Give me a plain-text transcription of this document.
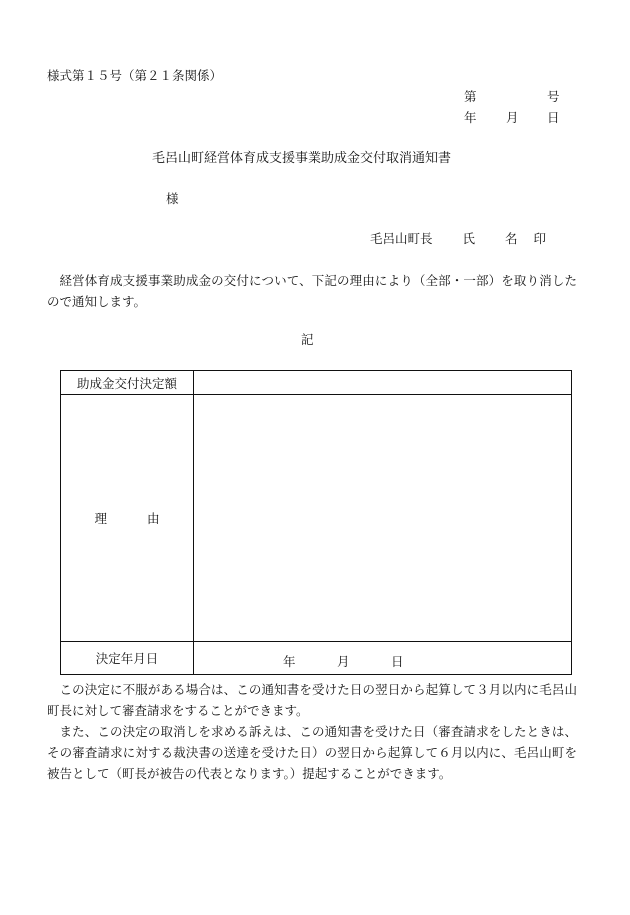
様式第１５号（第２１条関係）
第	号
年 月 日
毛呂山町経営体育成支援事業助成金交付取消通知書
様
毛呂山町長 氏 名 印
経営体育成支援事業助成金の交付について、下記の理由により（全部・一部）を取り消したので通知します。
記
助成金交付決定額	
理 由	
決定年月日	年 月 日

この決定に不服がある場合は、この通知書を受けた日の翌日から起算して３月以内に毛呂山町長に対して審査請求をすることができます。

また、この決定の取消しを求める訴えは、この通知書を受けた日（審査請求をしたときは、その審査請求に対する裁決書の送達を受けた日）の翌日から起算して６月以内に、毛呂山町を被告として（町長が被告の代表となります。）提起することができます。
